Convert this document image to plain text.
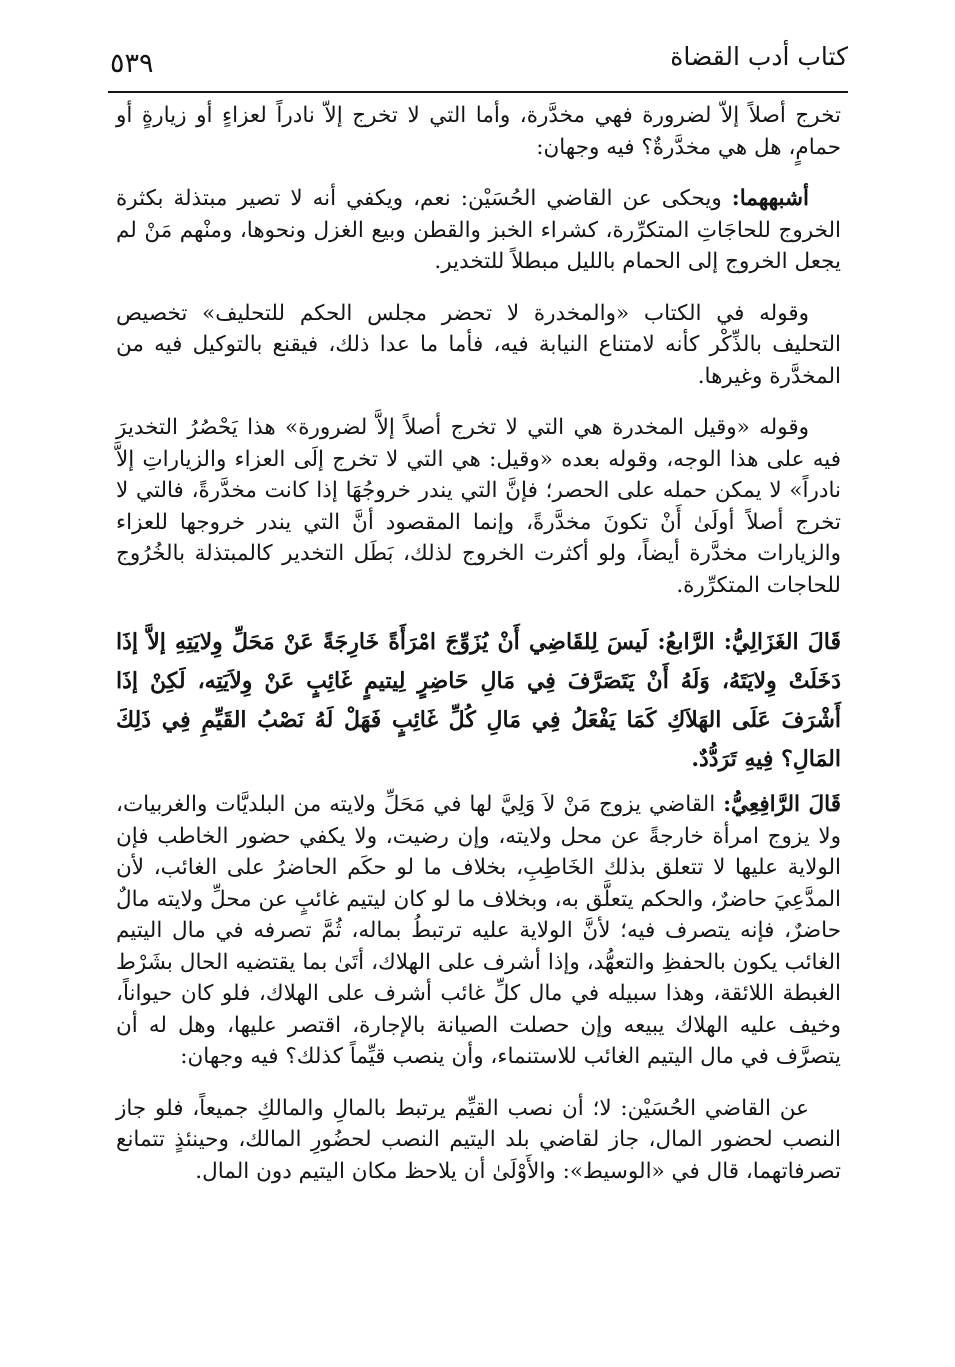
كتاب أدب القضاة
٥٣٩

تخرج أصلاً إلاّ لضرورة فهي مخدَّرة، وأما التي لا تخرج إلاّ نادراً لعزاءٍ أو زيارةٍ أو حمامٍ، هل هي مخدَّرةٌ؟ فيه وجهان:

أشبههما: ويحكى عن القاضي الحُسَيْن: نعم، ويكفي أنه لا تصير مبتذلة بكثرة الخروج للحاجَاتِ المتكرِّرة، كشراء الخبز والقطن وبيع الغزل ونحوها، ومنْهم مَنْ لم يجعل الخروج إلى الحمام بالليل مبطلاً للتخدير.

وقوله في الكتاب «والمخدرة لا تحضر مجلس الحكم للتحليف» تخصيص التحليف بالذِّكْر كأنه لامتناع النيابة فيه، فأما ما عدا ذلك، فيقنع بالتوكيل فيه من المخدَّرة وغيرها.

وقوله «وقيل المخدرة هي التي لا تخرج أصلاً إلاَّ لضرورة» هذا يَحْصُرُ التخديرَ فيه على هذا الوجه، وقوله بعده «وقيل: هي التي لا تخرج إلَى العزاء والزياراتِ إلاَّ نادراً» لا يمكن حمله على الحصر؛ فإنَّ التي يندر خروجُهَا إذا كانت مخدَّرةً، فالتي لا تخرج أصلاً أولَىٰ أَنْ تكونَ مخدَّرةً، وإنما المقصود أنَّ التي يندر خروجها للعزاء والزيارات مخدَّرة أيضاً، ولو أكثرت الخروج لذلك، بَطَل التخدير كالمبتذلة بالخُرُوج للحاجات المتكرِّرة.

قَالَ الغَزَالِيُّ: الرَّابعُ: لَيسَ لِلقَاضِي أَنْ يُزَوِّجَ امْرَأَةً خَارِجَةً عَنْ مَحَلِّ وِلايَتِهِ إلاَّ إذَا دَخَلَتْ وِلايَتَهُ، وَلَهُ أَنْ يَتَصَرَّفَ فِي مَالِ حَاضِرٍ لِيتيمٍ غَائِبٍ عَنْ وِلاَيَتِه، لَكِنْ إذَا أَشْرَفَ عَلَى الهَلاَكِ كَمَا يَفْعَلُ فِي مَالِ كُلِّ غَائِبٍ فَهَلْ لَهُ نَصْبُ القَيِّمِ فِي ذَلِكَ المَالِ؟ فِيهِ تَرَدُّدٌ.

قَالَ الرَّافِعِيُّ: القاضي يزوج مَنْ لاَ وَلِيَّ لها في مَحَلِّ ولايته من البلديَّات والغربيات، ولا يزوج امرأة خارجةً عن محل ولايته، وإن رضيت، ولا يكفي حضور الخاطب فإن الولاية عليها لا تتعلق بذلك الخَاطِبِ، بخلاف ما لو حكَم الحاضرُ على الغائب، لأن المدَّعِيَ حاضرٌ، والحكم يتعلَّق به، وبخلاف ما لو كان ليتيم غائبٍ عن محلِّ ولايته مالٌ حاضرٌ، فإنه يتصرف فيه؛ لأنَّ الولاية عليه ترتبطُ بماله، ثُمَّ تصرفه في مال اليتيم الغائب يكون بالحفظِ والتعهُّد، وإذا أشرف على الهلاك، أتَىٰ بما يقتضيه الحال بشَرْط الغبطة اللائقة، وهذا سبيله في مال كلِّ غائب أشرف على الهلاك، فلو كان حيواناً، وخيف عليه الهلاك يبيعه وإن حصلت الصيانة بالإجارة، اقتصر عليها، وهل له أن يتصرَّف في مال اليتيم الغائب للاستنماء، وأن ينصب قيِّماً كذلك؟ فيه وجهان:

عن القاضي الحُسَيْن: لا؛ أن نصب القيِّم يرتبط بالمالِ والمالكِ جميعاً، فلو جاز النصب لحضور المال، جاز لقاضي بلد اليتيم النصب لحضُورِ المالك، وحينئذٍ تتمانع تصرفاتهما، قال في «الوسيط»: والأَوْلَىٰ أن يلاحظ مكان اليتيم دون المال.
